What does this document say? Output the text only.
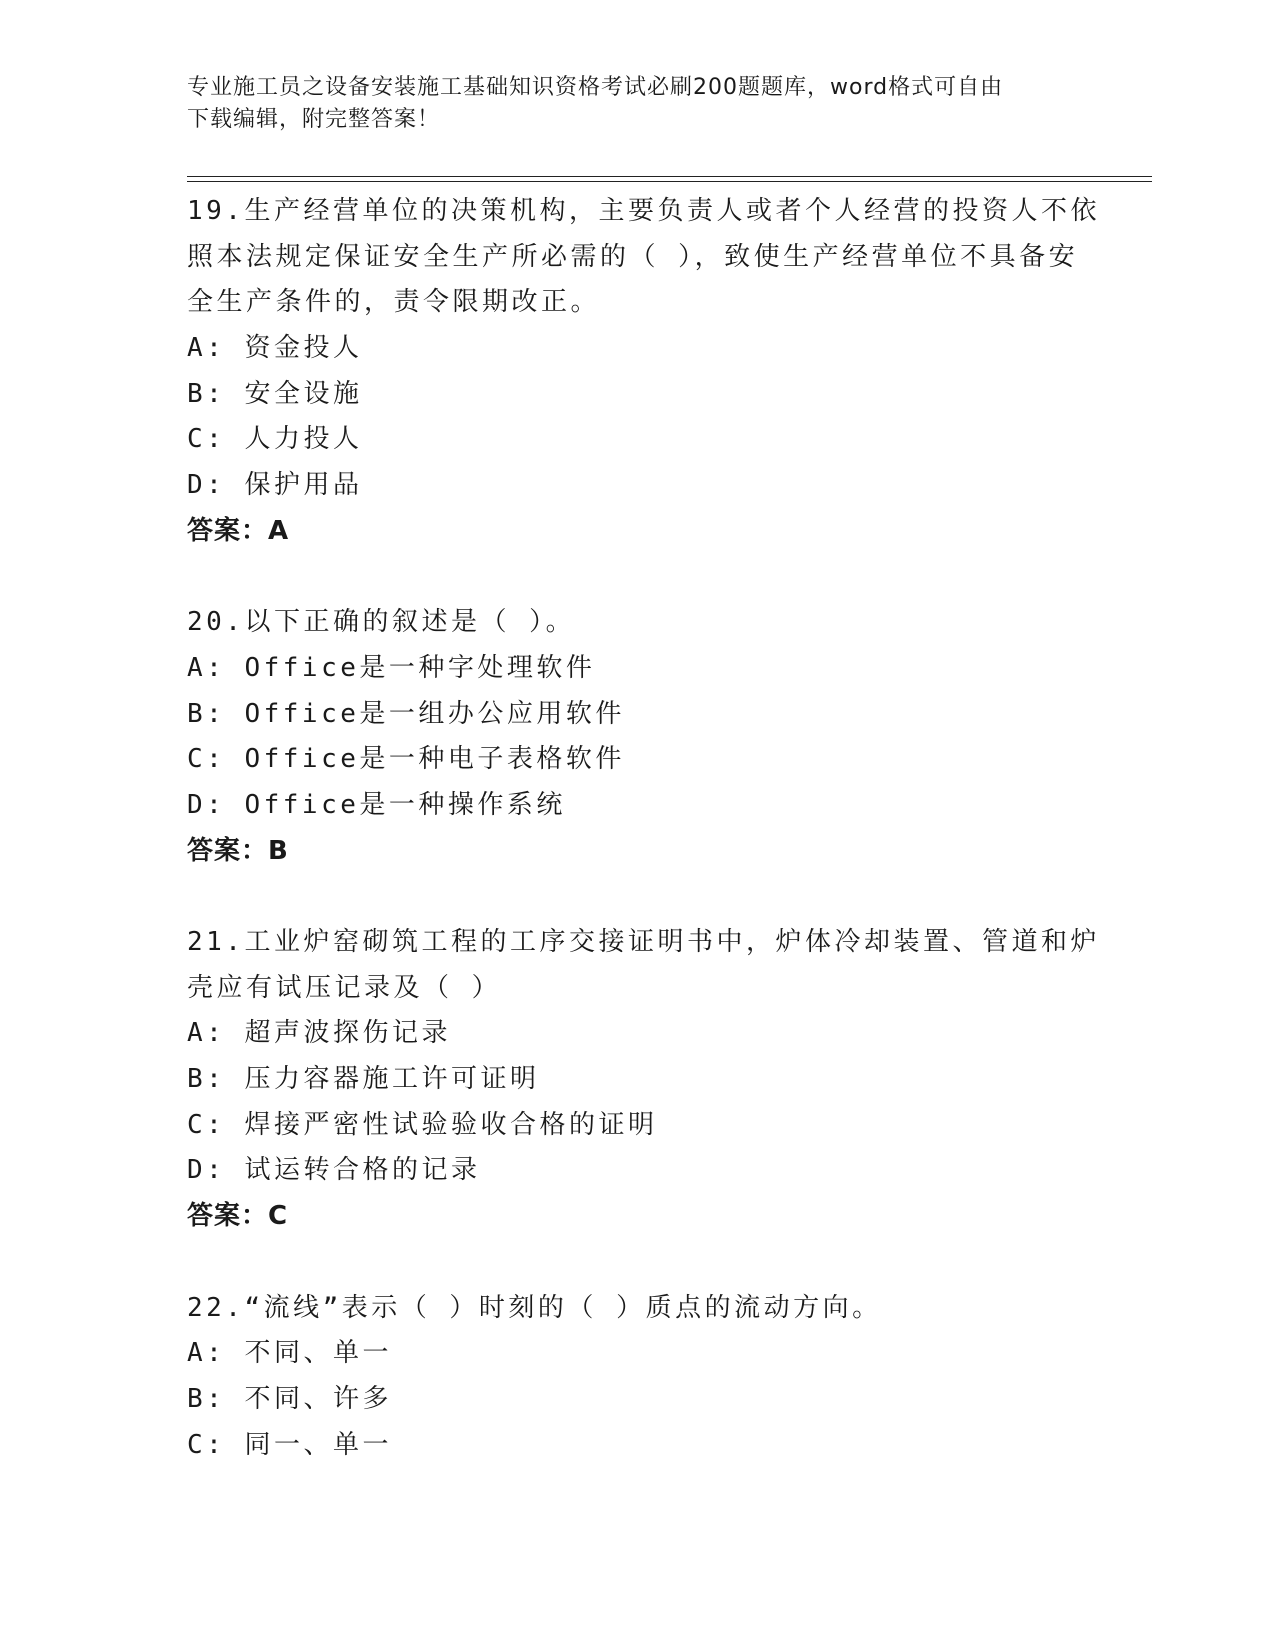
专业施工员之设备安装施工基础知识资格考试必刷200题题库，word格式可自由
下载编辑，附完整答案！
19.生产经营单位的决策机构，主要负责人或者个人经营的投资人不依
照本法规定保证安全生产所必需的（ ），致使生产经营单位不具备安
全生产条件的，责令限期改正。
A: 资金投人
B: 安全设施
C: 人力投人
D: 保护用品
答案：A
20.以下正确的叙述是（ ）。
A: Office是一种字处理软件
B: Office是一组办公应用软件
C: Office是一种电子表格软件
D: Office是一种操作系统
答案：B
21.工业炉窑砌筑工程的工序交接证明书中，炉体冷却装置、管道和炉
壳应有试压记录及（ ）
A: 超声波探伤记录
B: 压力容器施工许可证明
C: 焊接严密性试验验收合格的证明
D: 试运转合格的记录
答案：C
22.“流线”表示（ ）时刻的（ ）质点的流动方向。
A: 不同、单一
B: 不同、许多
C: 同一、单一
